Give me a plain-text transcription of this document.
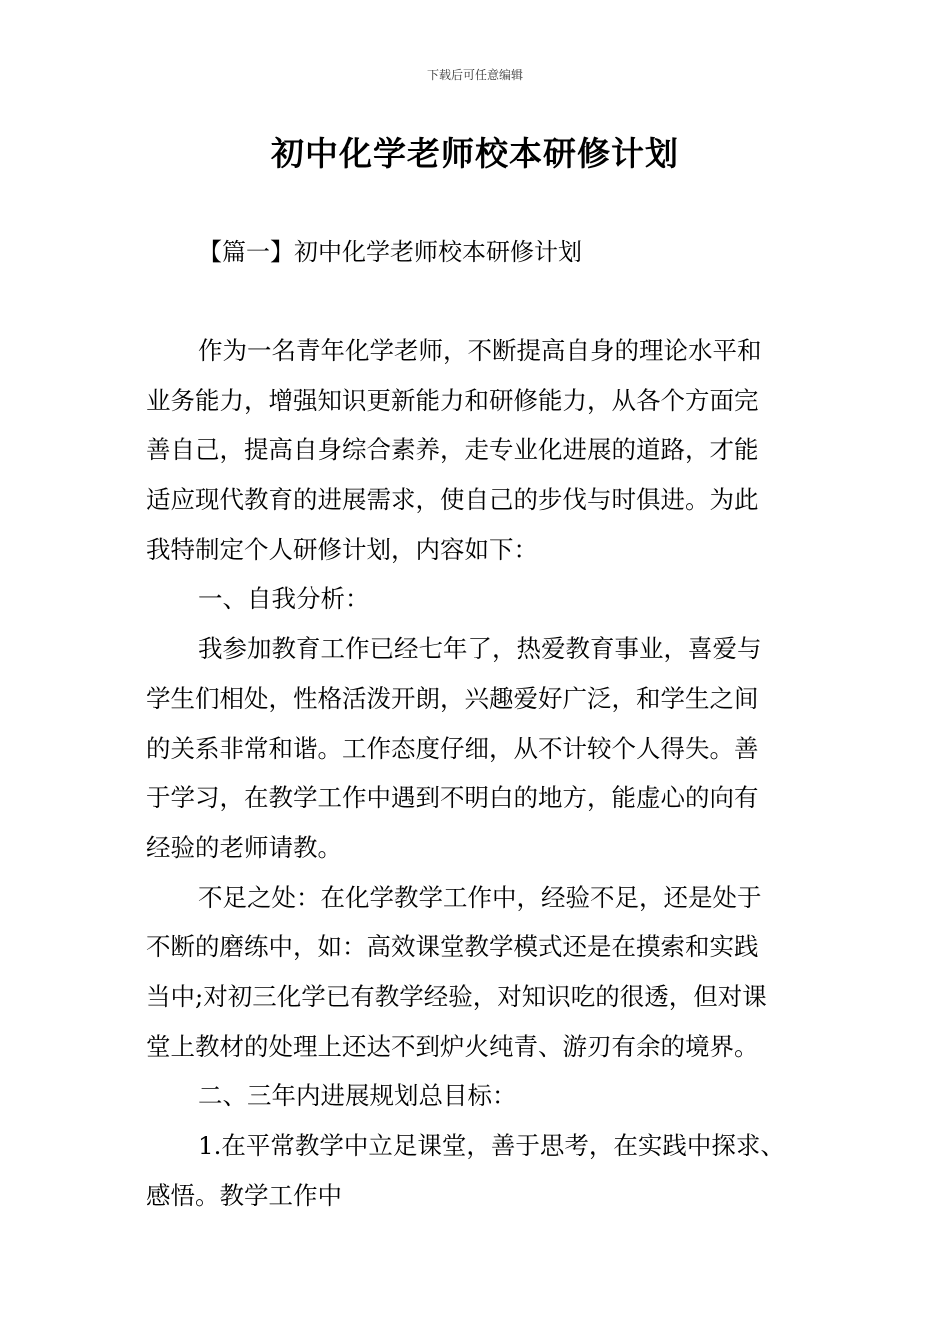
下载后可任意编辑
初中化学老师校本研修计划
【篇一】初中化学老师校本研修计划
作为一名青年化学老师，不断提高自身的理论水平和
业务能力，增强知识更新能力和研修能力，从各个方面完
善自己，提高自身综合素养，走专业化进展的道路，才能
适应现代教育的进展需求，使自己的步伐与时俱进。为此
我特制定个人研修计划，内容如下：
一、自我分析：
我参加教育工作已经七年了，热爱教育事业，喜爱与
学生们相处，性格活泼开朗，兴趣爱好广泛，和学生之间
的关系非常和谐。工作态度仔细，从不计较个人得失。善
于学习，在教学工作中遇到不明白的地方，能虚心的向有
经验的老师请教。
不足之处：在化学教学工作中，经验不足，还是处于
不断的磨练中，如：高效课堂教学模式还是在摸索和实践
当中;对初三化学已有教学经验，对知识吃的很透，但对课
堂上教材的处理上还达不到炉火纯青、游刃有余的境界。
二、三年内进展规划总目标：
1.在平常教学中立足课堂，善于思考，在实践中探求、
感悟。教学工作中
